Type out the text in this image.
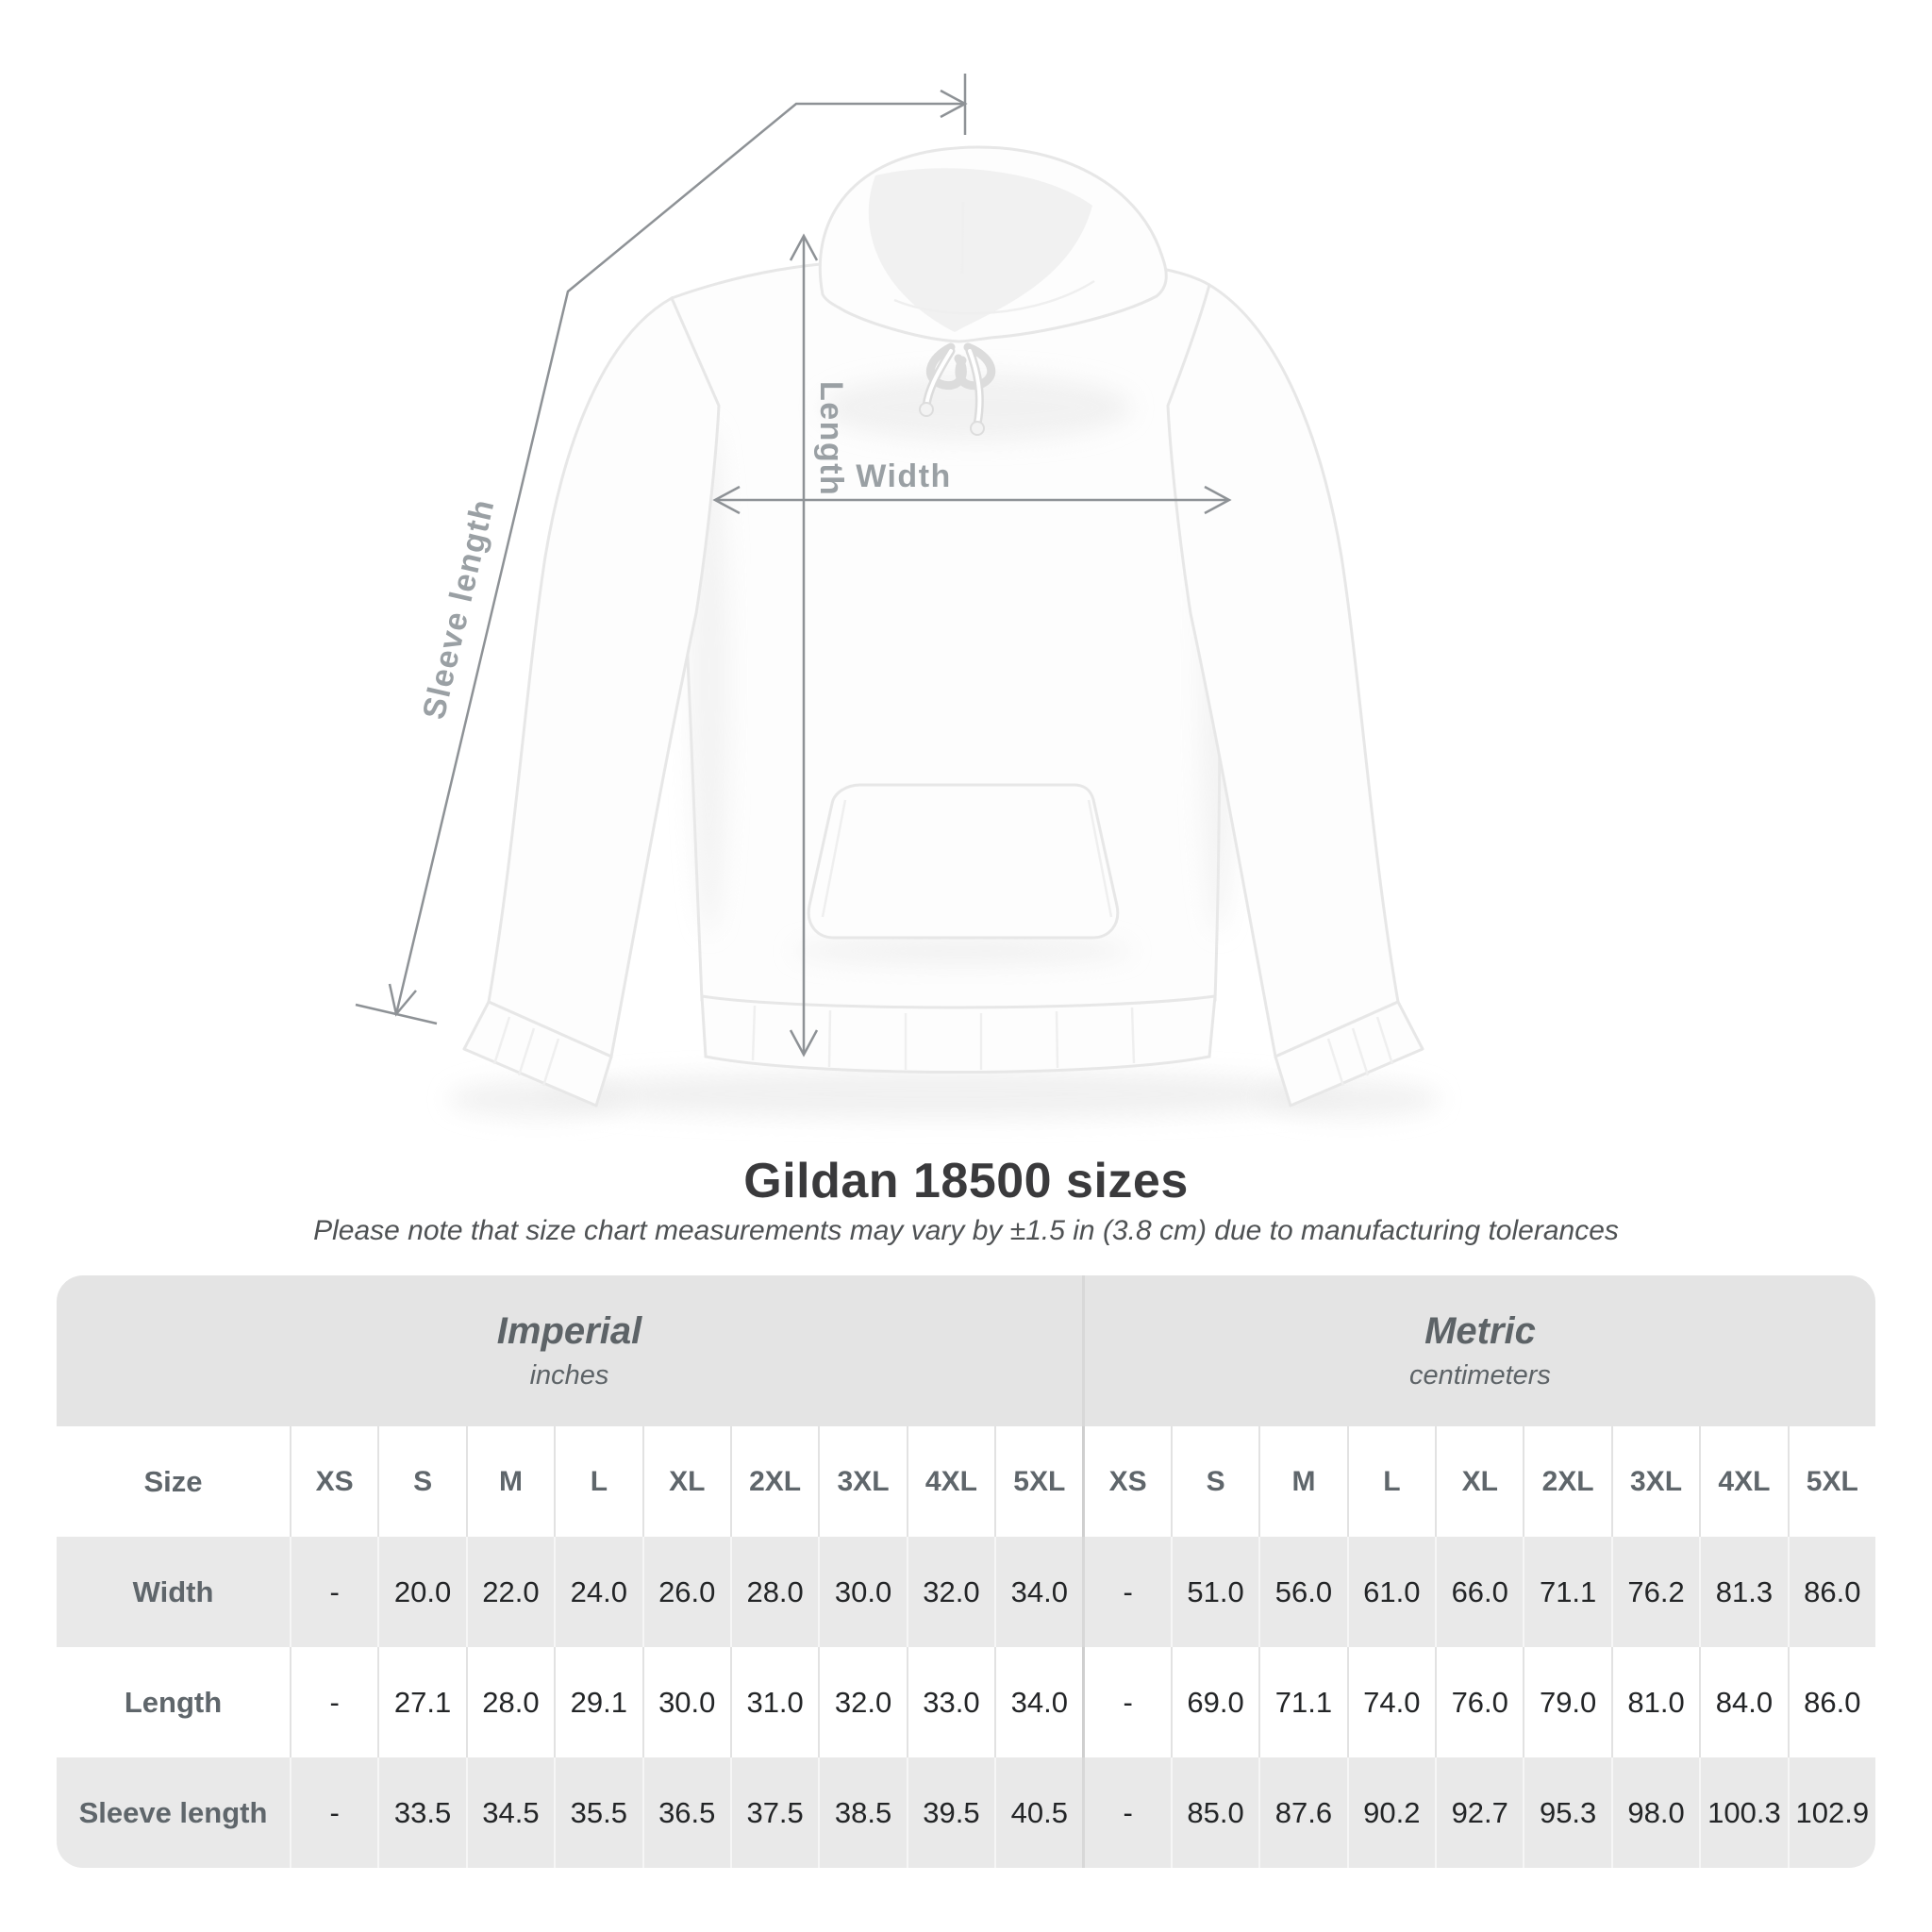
Sleeve length
Length Width
Gildan 18500 sizes
Please note that size chart measurements may vary by ±1.5 in (3.8 cm) due to manufacturing tolerances
Imperial
inches
Metric
centimeters
Size	XS	S	M	L	XL	2XL	3XL	4XL	5XL	XS	S	M	L	XL	2XL	3XL	4XL	5XL
Width	-	20.0	22.0	24.0	26.0	28.0	30.0	32.0	34.0	-	51.0	56.0	61.0	66.0	71.1	76.2	81.3	86.0
Length	-	27.1	28.0	29.1	30.0	31.0	32.0	33.0	34.0	-	69.0	71.1	74.0	76.0	79.0	81.0	84.0	86.0
Sleeve length	-	33.5	34.5	35.5	36.5	37.5	38.5	39.5	40.5	-	85.0	87.6	90.2	92.7	95.3	98.0 100.3 102.9
